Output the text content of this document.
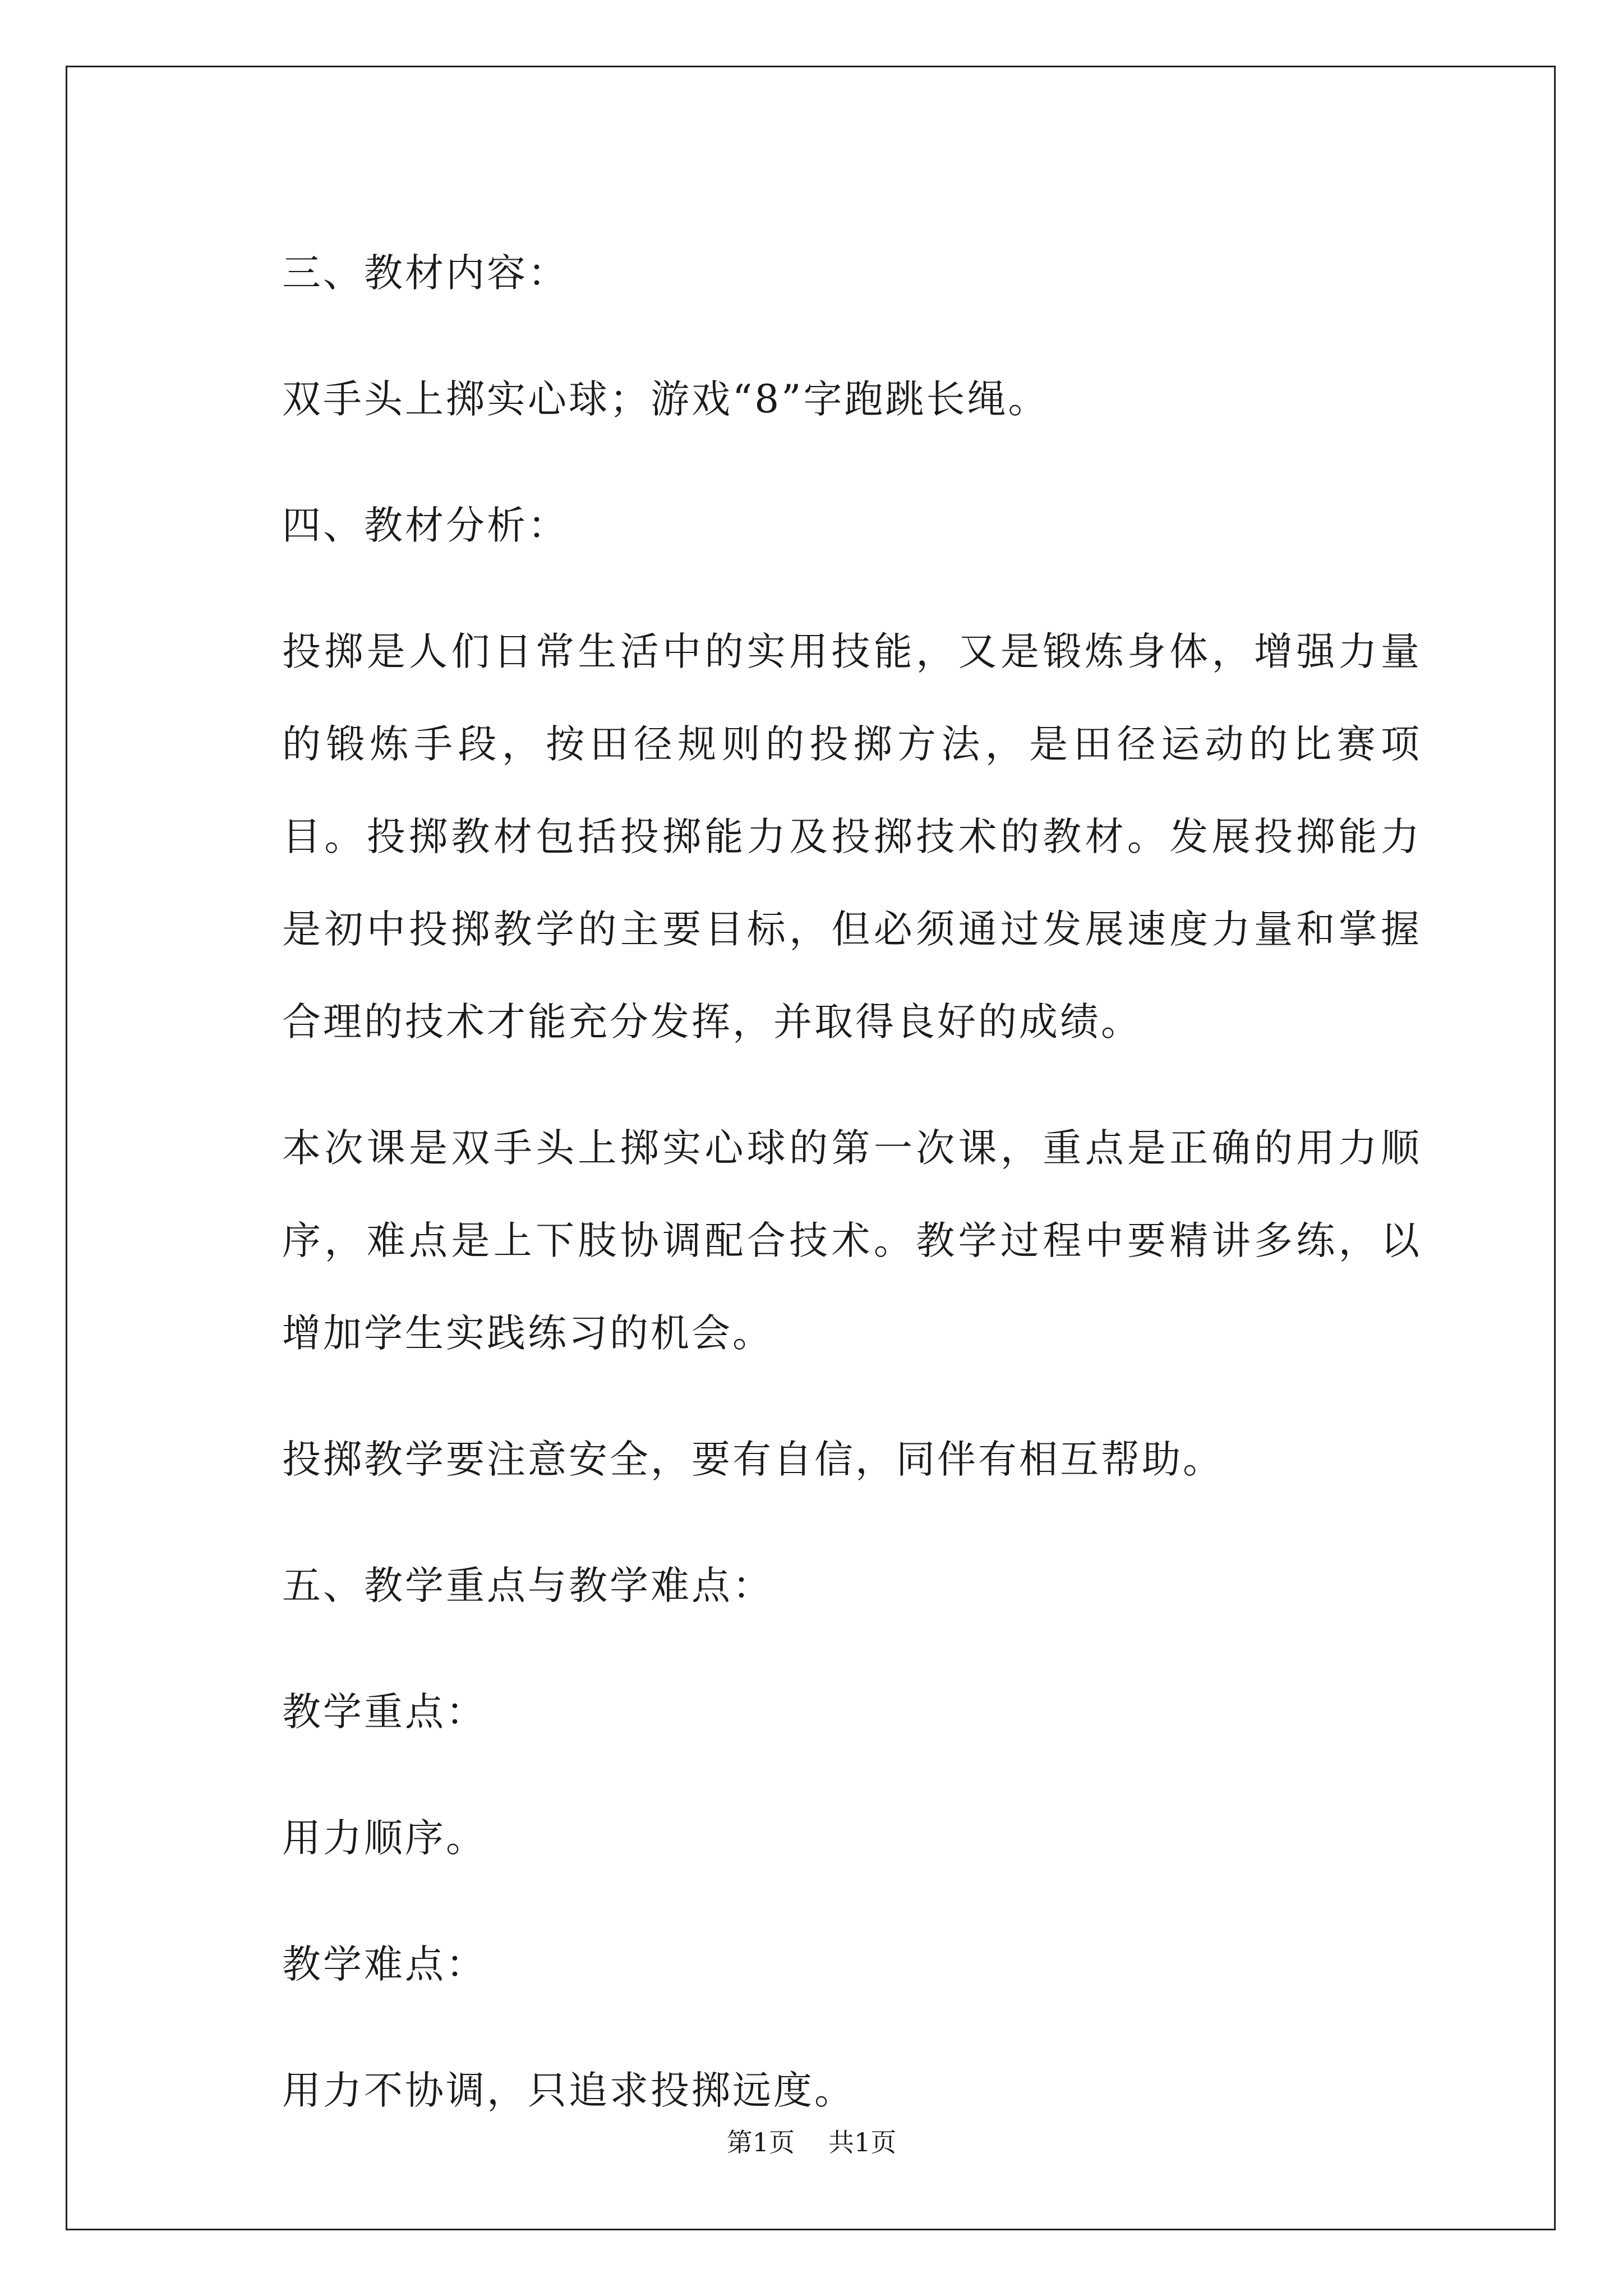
三、教材内容：

双手头上掷实心球；游戏“8”字跑跳长绳。

四、教材分析：

投掷是人们日常生活中的实用技能，又是锻炼身体，增强力量的锻炼手段，按田径规则的投掷方法，是田径运动的比赛项目。投掷教材包括投掷能力及投掷技术的教材。发展投掷能力是初中投掷教学的主要目标，但必须通过发展速度力量和掌握合理的技术才能充分发挥，并取得良好的成绩。

本次课是双手头上掷实心球的第一次课，重点是正确的用力顺序，难点是上下肢协调配合技术。教学过程中要精讲多练，以增加学生实践练习的机会。

投掷教学要注意安全，要有自信，同伴有相互帮助。

五、教学重点与教学难点：

教学重点：

用力顺序。

教学难点：

用力不协调，只追求投掷远度。

第1页 共1页
